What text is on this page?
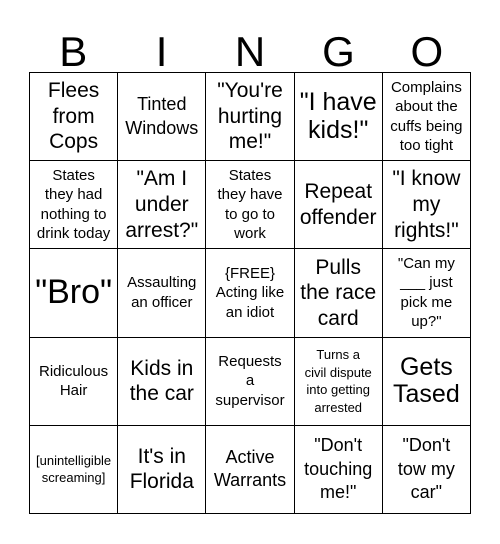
B	I	N	G	O
Flees
from
Cops
Tinted
Windows
"You're
hurting
me!"
"I have
kids!"
Complains
about the
cuffs being
too tight
States
they had
nothing to
drink today
"Am I
under
arrest?"
States
they have
to go to
work
Repeat
offender
"I know
my
rights!"
"Bro"	Assaulting
an officer
{FREE}
Acting like
an idiot
Pulls
the race
card
"Can my
___ just
pick me
up?"
Ridiculous
Hair
Kids in
the car
Requests
a
supervisor
Turns a
civil dispute
into getting
arrested
Gets
Tased
[unintelligible
screaming]
It's in
Florida
Active
Warrants
"Don't
touching
me!"
"Don't
tow my
car"
